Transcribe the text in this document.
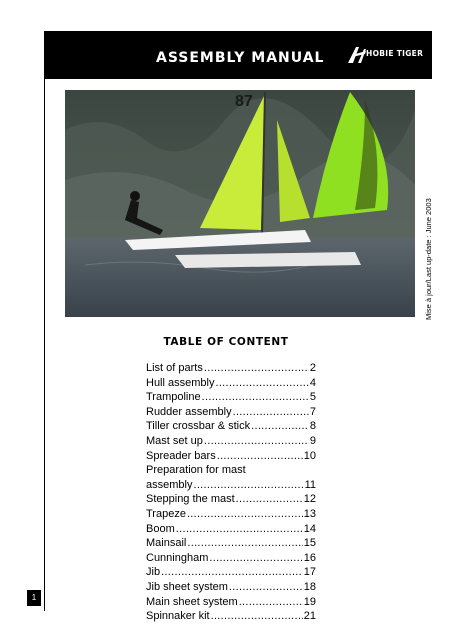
ASSEMBLY MANUAL	HOBIE TIGER
87
Mise à jour/Last up-date : June 2003
TABLE OF CONTENT
List of parts .....	2
Hull assembly .....	4
Trampoline .....	5
Rudder assembly .....	7
Tiller crossbar & stick .....	8
Mast set up .....	9
Spreader bars .....	10
Preparation for mast
assembly .....	11
Stepping the mast .....	12
Trapeze .....	13
Boom .....	14
Mainsail .....	15
Cunningham .....	16
Jib .....	17
Jib sheet system .....	18
Main sheet system .....	19
Spinnaker kit .....	21
1
